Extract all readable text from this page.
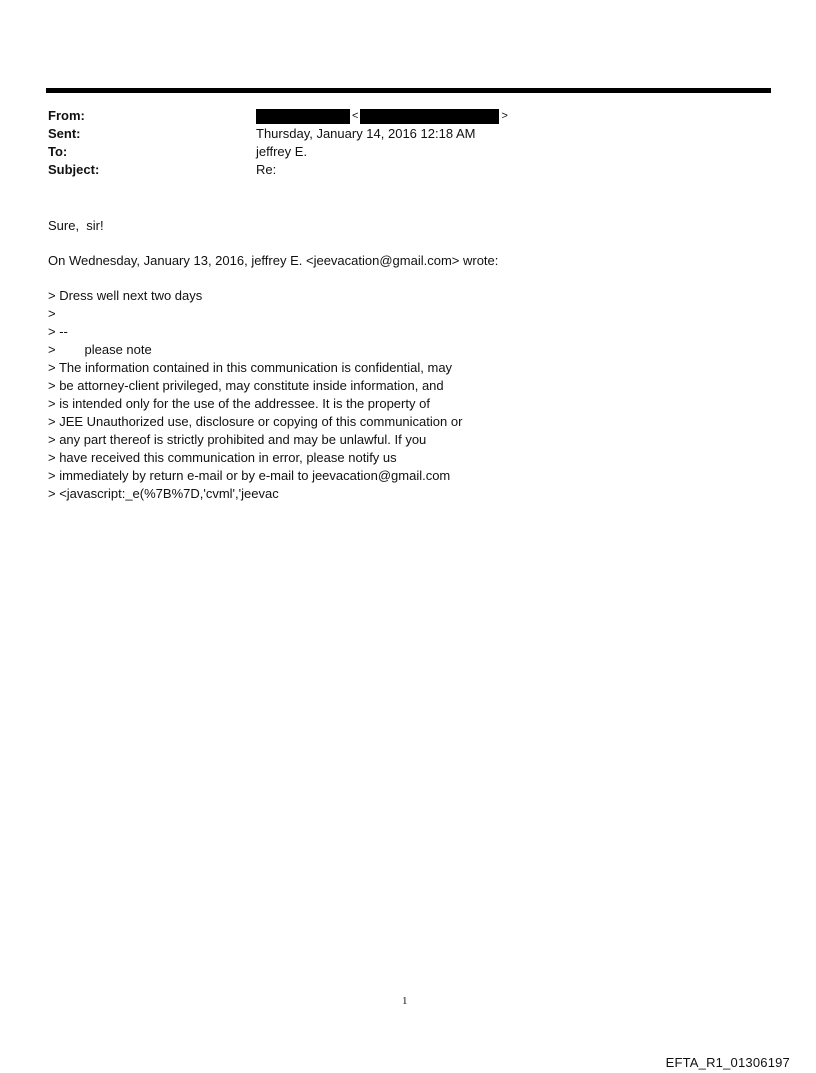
From:	<	>
Sent:	Thursday, January 14, 2016 12:18 AM
To:	jeffrey E.
Subject:	Re:

Sure,  sir!

On Wednesday, January 13, 2016, jeffrey E. <jeevacation@gmail.com> wrote:

> Dress well next two days
>
> --
>        please note
> The information contained in this communication is confidential, may
> be attorney-client privileged, may constitute inside information, and
> is intended only for the use of the addressee. It is the property of
> JEE Unauthorized use, disclosure or copying of this communication or
> any part thereof is strictly prohibited and may be unlawful. If you
> have received this communication in error, please notify us
> immediately by return e-mail or by e-mail to jeevacation@gmail.com
> <javascript:_e(%7B%7D,'cvml','jeevac
1
EFTA_R1_01306197
